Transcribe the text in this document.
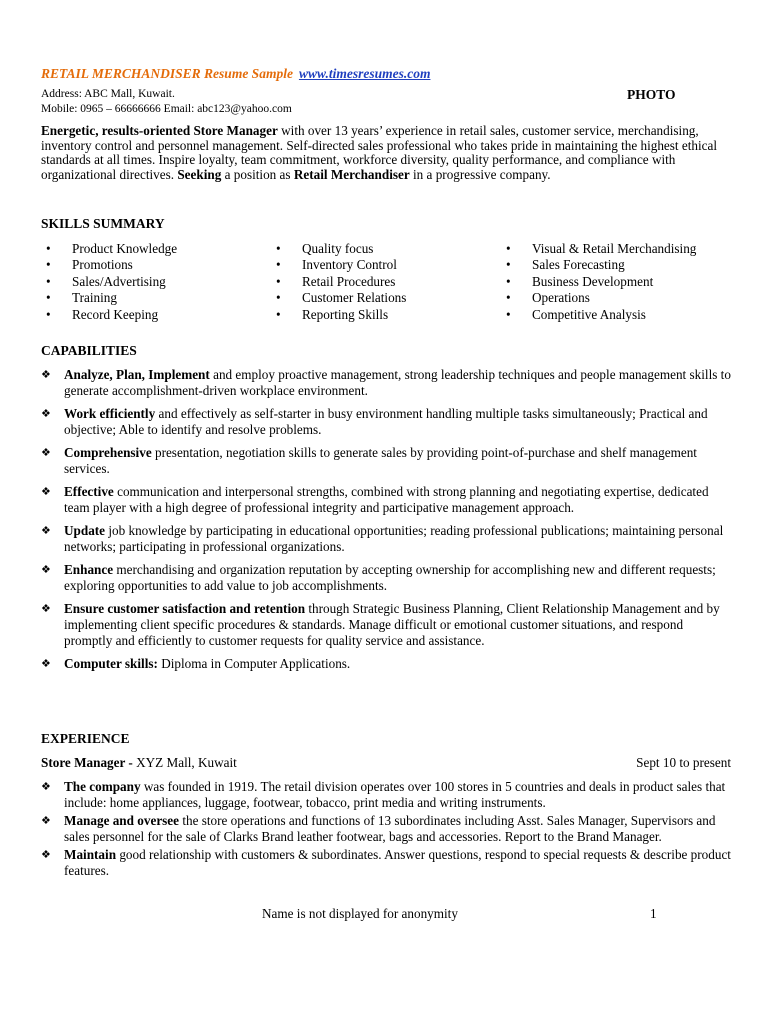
RETAIL MERCHANDISER Resume Sample www.timesresumes.com
Address: ABC Mall, Kuwait.
Mobile: 0965 – 66666666 Email: abc123@yahoo.com
PHOTO
Energetic, results-oriented Store Manager with over 13 years’ experience in retail sales, customer service, merchandising, inventory control and personnel management. Self-directed sales professional who takes pride in maintaining the highest ethical standards at all times. Inspire loyalty, team commitment, workforce diversity, quality performance, and compliance with organizational directives. Seeking a position as Retail Merchandiser in a progressive company.
SKILLS SUMMARY
• Product Knowledge
• Promotions
• Sales/Advertising
• Training
• Record Keeping
• Quality focus
• Inventory Control
• Retail Procedures
• Customer Relations
• Reporting Skills
• Visual & Retail Merchandising
• Sales Forecasting
• Business Development
• Operations
• Competitive Analysis
CAPABILITIES
❖ Analyze, Plan, Implement and employ proactive management, strong leadership techniques and people management skills to generate accomplishment-driven workplace environment.
❖ Work efficiently and effectively as self-starter in busy environment handling multiple tasks simultaneously; Practical and objective; Able to identify and resolve problems.
❖ Comprehensive presentation, negotiation skills to generate sales by providing point-of-purchase and shelf management services.
❖ Effective communication and interpersonal strengths, combined with strong planning and negotiating expertise, dedicated team player with a high degree of professional integrity and participative management approach.
❖ Update job knowledge by participating in educational opportunities; reading professional publications; maintaining personal networks; participating in professional organizations.
❖ Enhance merchandising and organization reputation by accepting ownership for accomplishing new and different requests; exploring opportunities to add value to job accomplishments.
❖ Ensure customer satisfaction and retention through Strategic Business Planning, Client Relationship Management and by implementing client specific procedures & standards. Manage difficult or emotional customer situations, and respond promptly and efficiently to customer requests for quality service and assistance.
❖ Computer skills: Diploma in Computer Applications.
EXPERIENCE
Store Manager - XYZ Mall, Kuwait	Sept 10 to present
❖ The company was founded in 1919. The retail division operates over 100 stores in 5 countries and deals in product sales that include: home appliances, luggage, footwear, tobacco, print media and writing instruments.
❖ Manage and oversee the store operations and functions of 13 subordinates including Asst. Sales Manager, Supervisors and sales personnel for the sale of Clarks Brand leather footwear, bags and accessories. Report to the Brand Manager.
❖ Maintain good relationship with customers & subordinates. Answer questions, respond to special requests & describe product features.
Name is not displayed for anonymity	1
